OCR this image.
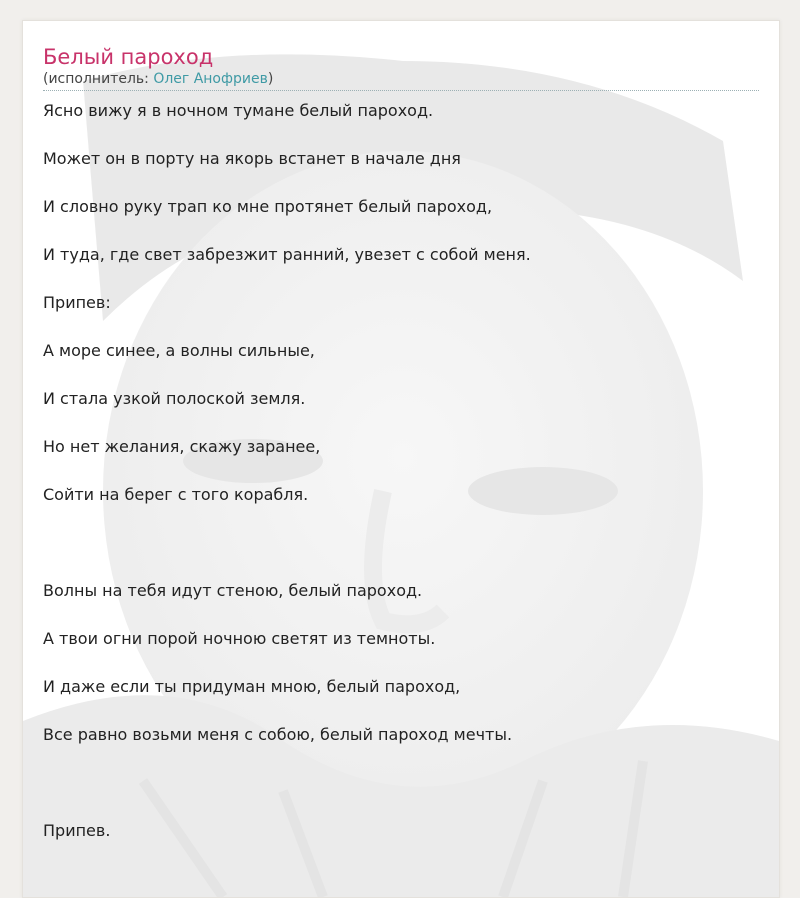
Белый пароход
(исполнитель: Олег Анофриев)
Ясно вижу я в ночном тумане белый пароход.
Может он в порту на якорь встанет в начале дня
И словно руку трап ко мне протянет белый пароход,
И туда, где свет забрезжит ранний, увезет с собой меня.
Припев:
А море синее, а волны сильные,
И стала узкой полоской земля.
Но нет желания, скажу заранее,
Сойти на берег с того корабля.
Волны на тебя идут стеною, белый пароход.
А твои огни порой ночною светят из темноты.
И даже если ты придуман мною, белый пароход,
Все равно возьми меня с собою, белый пароход мечты.
Припев.
